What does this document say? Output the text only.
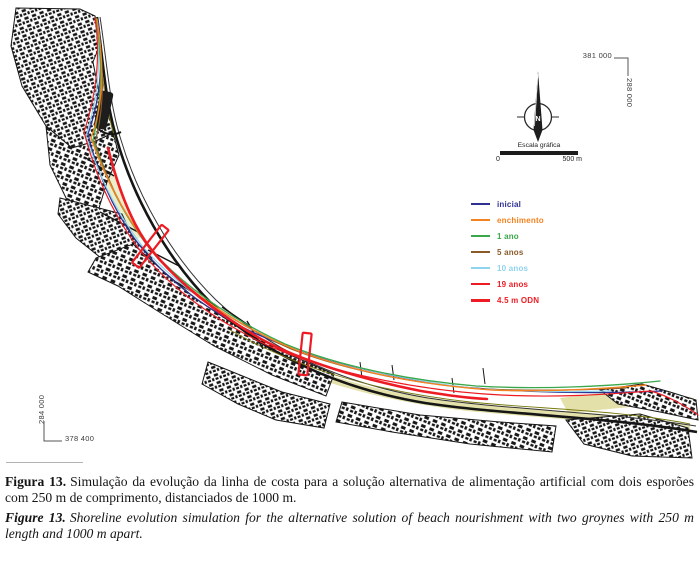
381 000
288 000
284 000
378 400
N
Escala gráfica
0	500 m
inicial
enchimento
1 ano
5 anos
10 anos
19 anos
4.5 m ODN

Figura 13. Simulação da evolução da linha de costa para a solução alternativa de alimentação artificial com dois esporões com 250 m de comprimento, distanciados de 1000 m.

Figure 13. Shoreline evolution simulation for the alternative solution of beach nourishment with two groynes with 250 m length and 1000 m apart.
